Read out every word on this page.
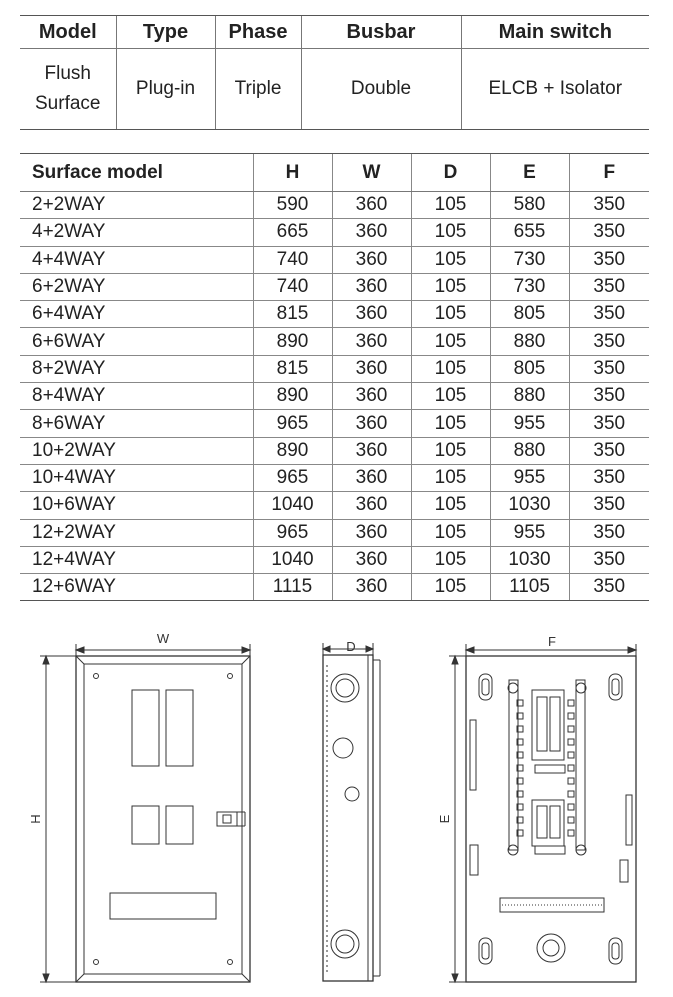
Model	Type	Phase	Busbar	Main switch

Flush
Surface	Plug-in	Triple	Double	ELCB + Isolator
Surface model	H	W	D	E	F
2+2WAY	590	360	105	580	350
4+2WAY	665	360	105	655	350
4+4WAY	740	360	105	730	350
6+2WAY	740	360	105	730	350
6+4WAY	815	360	105	805	350
6+6WAY	890	360	105	880	350
8+2WAY	815	360	105	805	350
8+4WAY	890	360	105	880	350
8+6WAY	965	360	105	955	350
10+2WAY	890	360	105	880	350
10+4WAY	965	360	105	955	350
10+6WAY	1040	360	105	1030	350
12+2WAY	965	360	105	955	350
12+4WAY	1040	360	105	1030	350
12+6WAY	1115	360	105	1105	350
W
H
D	F
E
